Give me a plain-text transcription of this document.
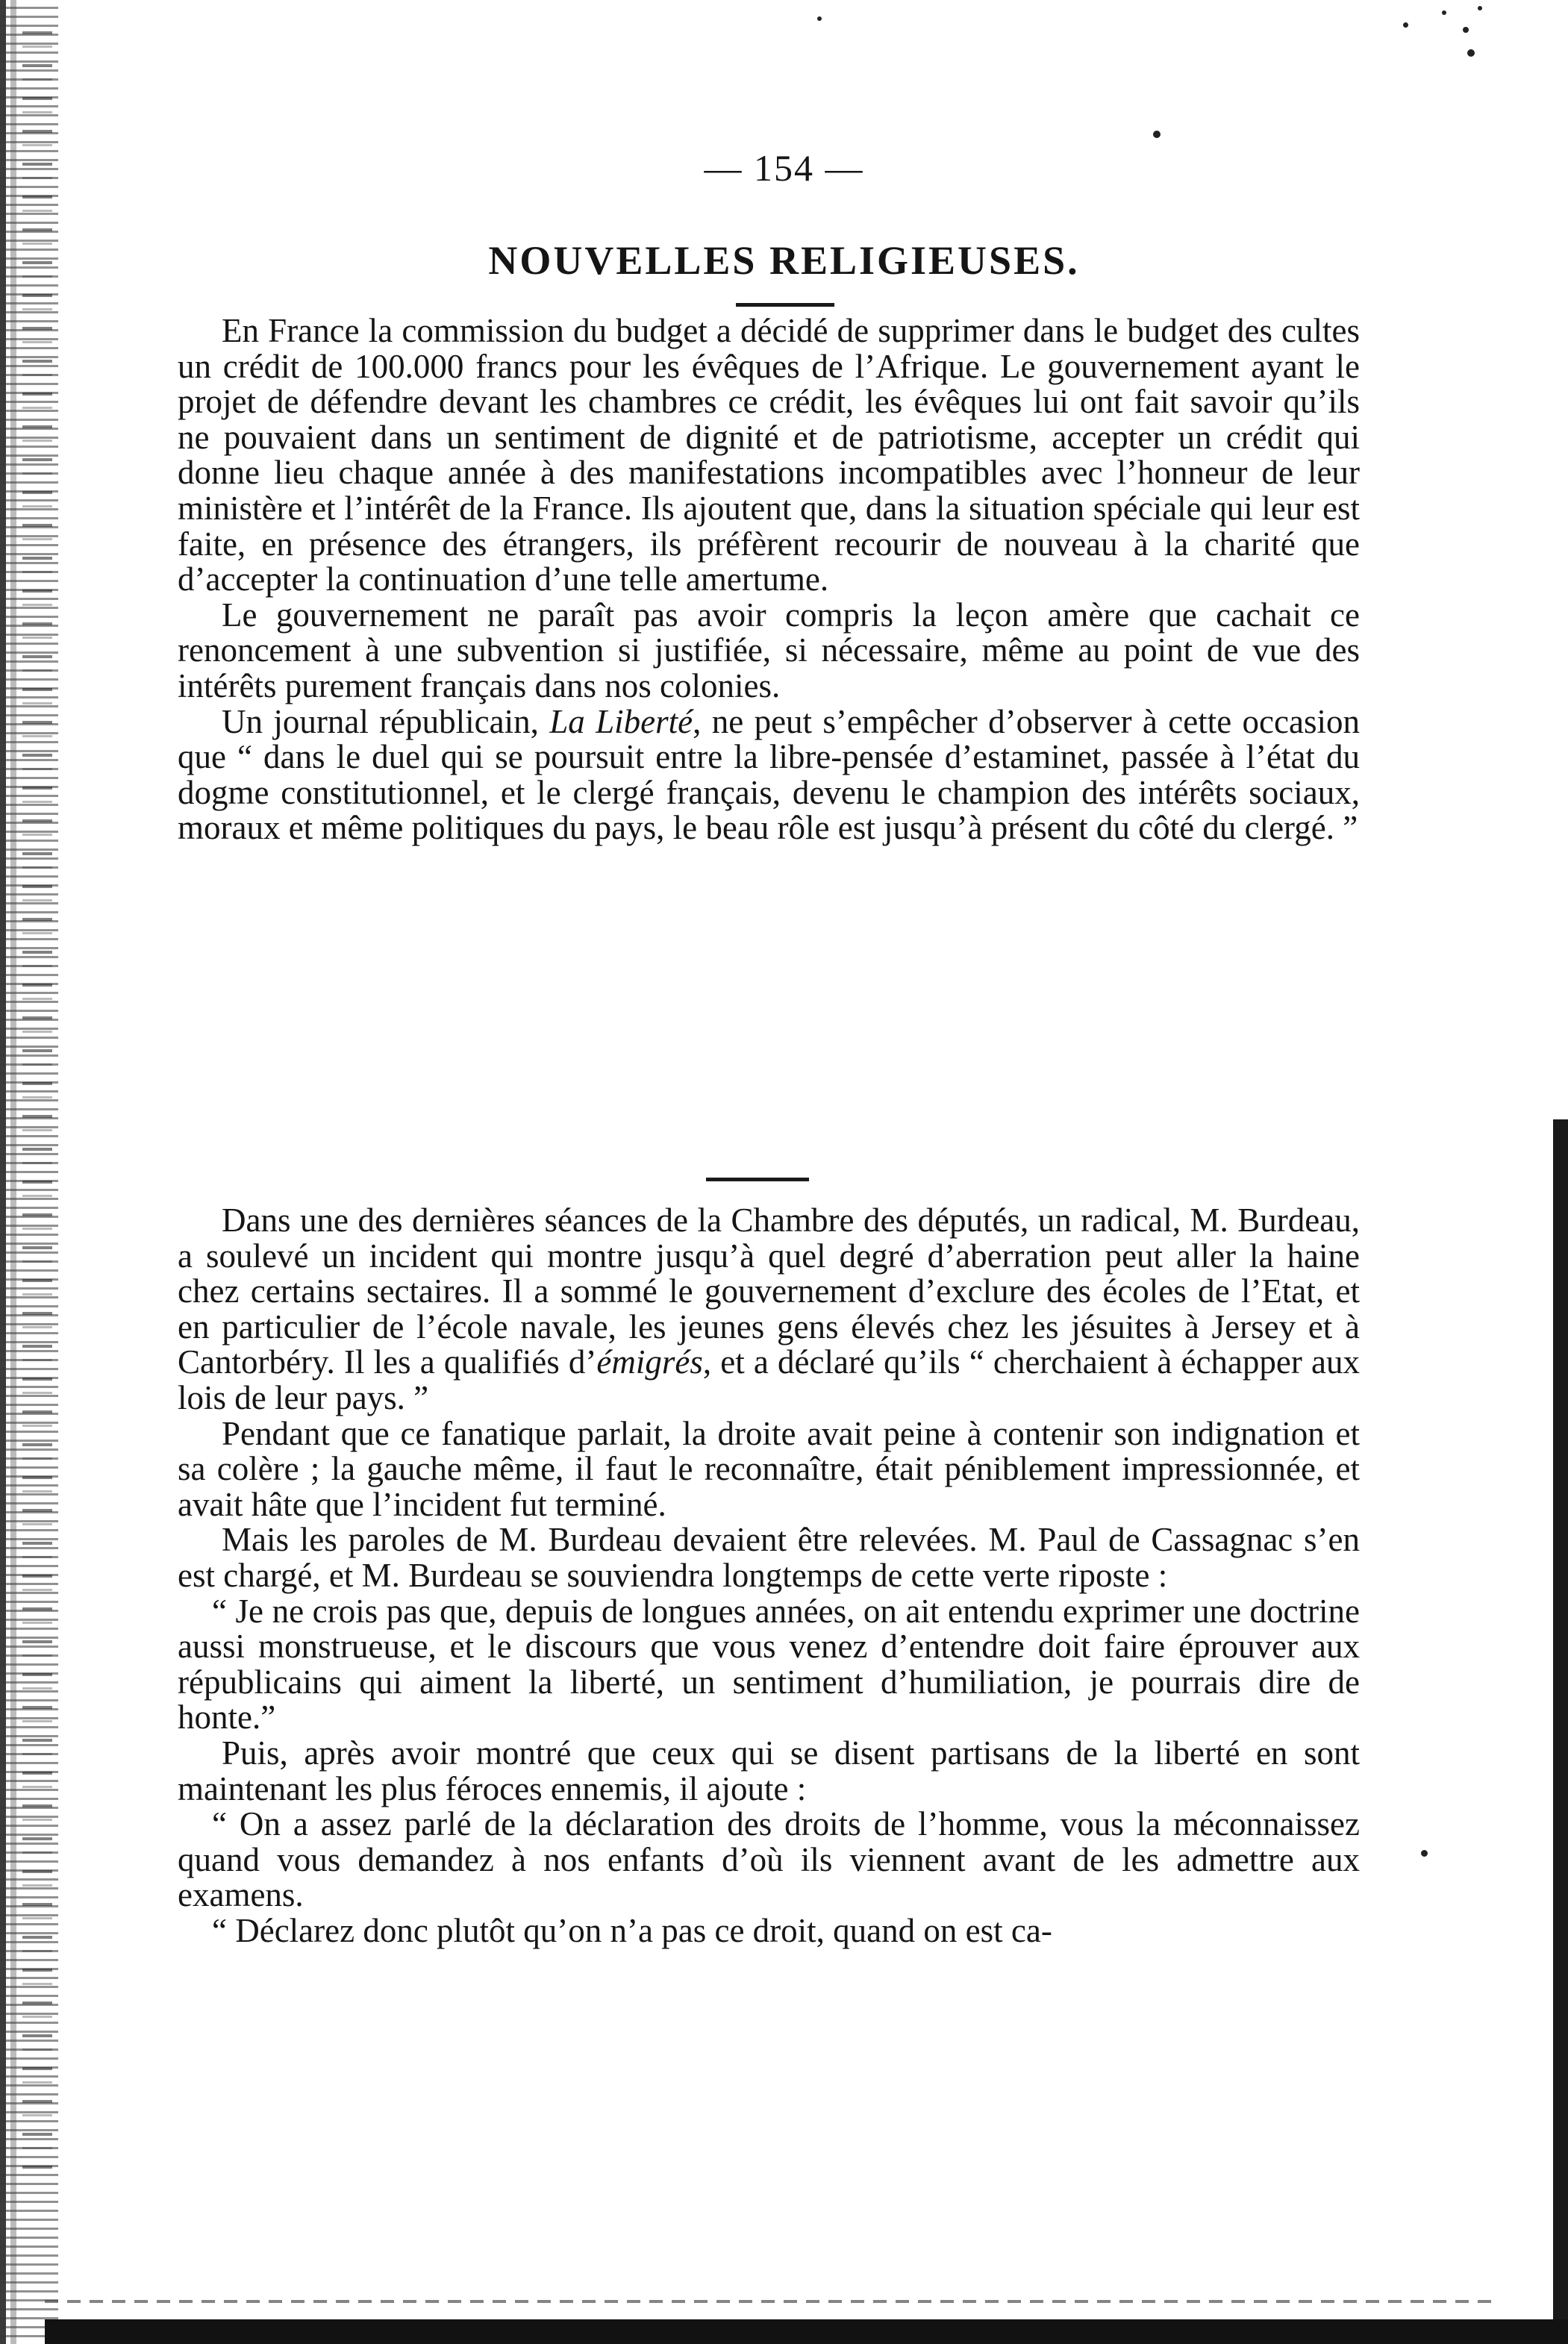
— 154 —
NOUVELLES RELIGIEUSES.

En France la commission du budget a décidé de supprimer dans le budget des cultes un crédit de 100.000 francs pour les évêques de l’Afrique. Le gouvernement ayant le projet de défendre devant les chambres ce crédit, les évêques lui ont fait savoir qu’ils ne pouvaient dans un sentiment de dignité et de patriotisme, accepter un crédit qui donne lieu chaque année à des manifestations incompatibles avec l’honneur de leur ministère et l’intérêt de la France. Ils ajoutent que, dans la situation spéciale qui leur est faite, en présence des étrangers, ils préfèrent recourir de nouveau à la charité que d’accepter la continuation d’une telle amertume.

Le gouvernement ne paraît pas avoir compris la leçon amère que cachait ce renoncement à une subvention si justifiée, si nécessaire, même au point de vue des intérêts purement français dans nos colonies.

Un journal républicain, La Liberté, ne peut s’empêcher d’observer à cette occasion que “ dans le duel qui se poursuit entre la libre-pensée d’estaminet, passée à l’état du dogme constitutionnel, et le clergé français, devenu le champion des intérêts sociaux, moraux et même politiques du pays, le beau rôle est jusqu’à présent du côté du clergé. ”

Dans une des dernières séances de la Chambre des députés, un radical, M. Burdeau, a soulevé un incident qui montre jusqu’à quel degré d’aberration peut aller la haine chez certains sectaires. Il a sommé le gouvernement d’exclure des écoles de l’Etat, et en particulier de l’école navale, les jeunes gens élevés chez les jésuites à Jersey et à Cantorbéry. Il les a qualifiés d’émigrés, et a déclaré qu’ils “ cherchaient à échapper aux lois de leur pays. ”

Pendant que ce fanatique parlait, la droite avait peine à contenir son indignation et sa colère ; la gauche même, il faut le reconnaître, était péniblement impressionnée, et avait hâte que l’incident fut terminé.

Mais les paroles de M. Burdeau devaient être relevées. M. Paul de Cassagnac s’en est chargé, et M. Burdeau se souviendra longtemps de cette verte riposte :

“ Je ne crois pas que, depuis de longues années, on ait entendu exprimer une doctrine aussi monstrueuse, et le discours que vous venez d’entendre doit faire éprouver aux républicains qui aiment la liberté, un sentiment d’humiliation, je pourrais dire de honte.”

Puis, après avoir montré que ceux qui se disent partisans de la liberté en sont maintenant les plus féroces ennemis, il ajoute :

“ On a assez parlé de la déclaration des droits de l’homme, vous la méconnaissez quand vous demandez à nos enfants d’où ils viennent avant de les admettre aux examens.

“ Déclarez donc plutôt qu’on n’a pas ce droit, quand on est ca-
